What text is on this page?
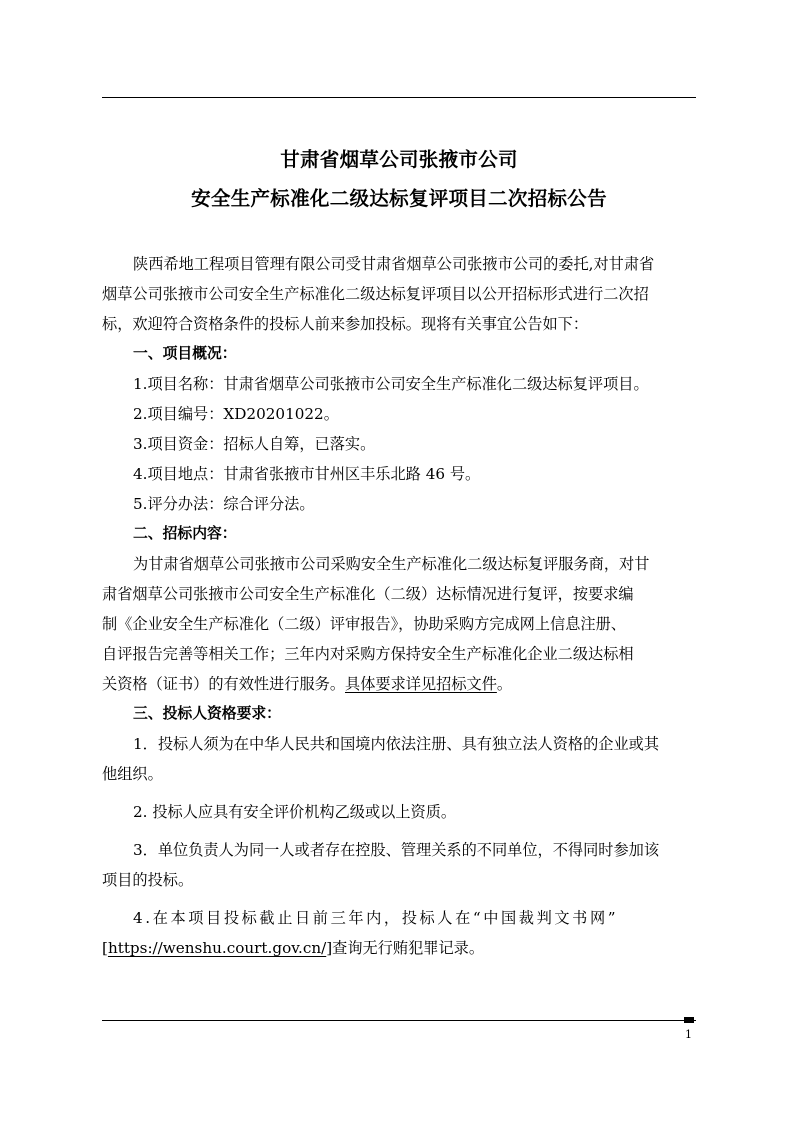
甘肃省烟草公司张掖市公司
安全生产标准化二级达标复评项目二次招标公告

陕西希地工程项目管理有限公司受甘肃省烟草公司张掖市公司的委托,对甘肃省
烟草公司张掖市公司安全生产标准化二级达标复评项目以公开招标形式进行二次招
标，欢迎符合资格条件的投标人前来参加投标。现将有关事宜公告如下：

一、项目概况：

1.项目名称：甘肃省烟草公司张掖市公司安全生产标准化二级达标复评项目。

2.项目编号：XD20201022。

3.项目资金：招标人自筹，已落实。

4.项目地点：甘肃省张掖市甘州区丰乐北路 46 号。

5.评分办法：综合评分法。

二、招标内容：

为甘肃省烟草公司张掖市公司采购安全生产标准化二级达标复评服务商，对甘
肃省烟草公司张掖市公司安全生产标准化（二级）达标情况进行复评，按要求编
制《企业安全生产标准化（二级）评审报告》，协助采购方完成网上信息注册、
自评报告完善等相关工作；三年内对采购方保持安全生产标准化企业二级达标相
关资格（证书）的有效性进行服务。具体要求详见招标文件。

三、投标人资格要求：

1．投标人须为在中华人民共和国境内依法注册、具有独立法人资格的企业或其
他组织。

2. 投标人应具有安全评价机构乙级或以上资质。

3．单位负责人为同一人或者存在控股、管理关系的不同单位，不得同时参加该
项目的投标。

4.在本项目投标截止日前三年内，投标人在“中国裁判文书网”
[https://wenshu.court.gov.cn/]查询无行贿犯罪记录。

1
